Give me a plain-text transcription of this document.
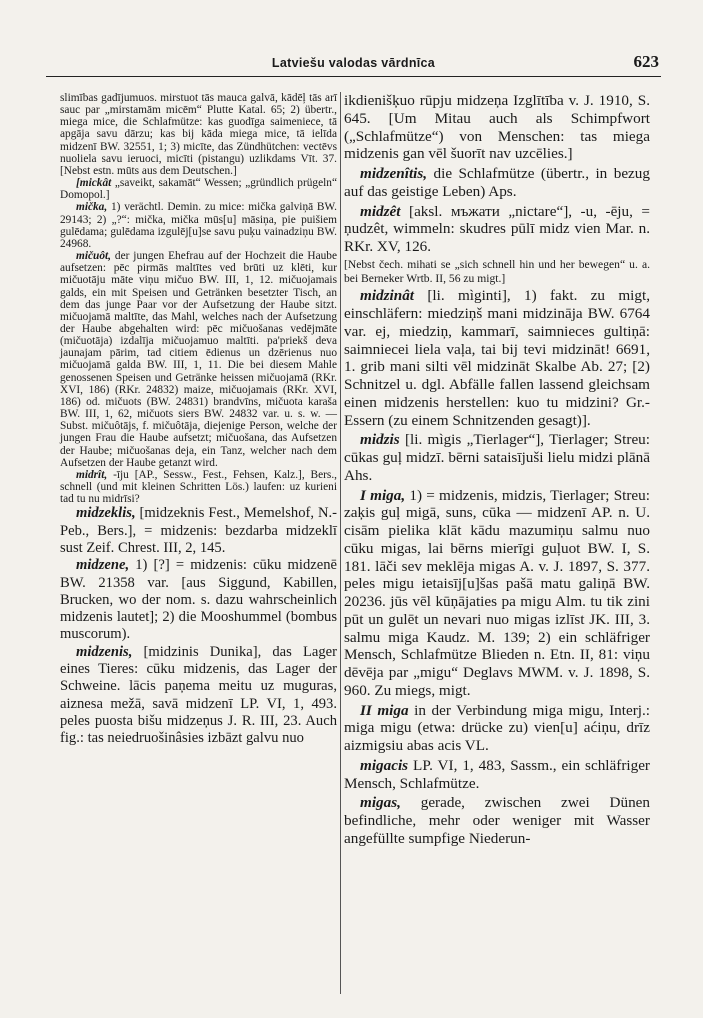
Latviešu valodas vārdnīca	623

slimības gadījumuos. mirstuot tās mauca galvā, kādēļ tās arī sauc par „mirstamām micēm“ Plutte Katal. 65; 2) übertr., miega mice, die Schlafmütze: kas guodīga saimeniece, tā apgāja savu dārzu; kas bij kāda miega mice, tā ielīda midzenī BW. 32551, 1; 3) micīte, das Zündhütchen: vectēvs nuoliela savu ieruoci, micīti (pistangu) uzlikdams Vīt. 37. [Nebst estn. mūts aus dem Deutschen.]

[mickât „saveikt, sakamāt“ Wessen; „gründlich prügeln“ Domopol.]

mička, 1) verächtl. Demin. zu mice: mička galviņā BW. 29143; 2) „?“: mička, mička mūs[u] māsiņa, pie puišiem gulēdama; gulēdama izgulēj[u]se savu puķu vainadziņu BW. 24968.

mičuôt, der jungen Ehefrau auf der Hochzeit die Haube aufsetzen: pēc pirmās maltītes ved brūti uz klēti, kur mičuotāju māte viņu mičuo BW. III, 1, 12. mičuojamais galds, ein mit Speisen und Getränken besetzter Tisch, an dem das junge Paar vor der Aufsetzung der Haube sitzt. mičuojamā maltīte, das Mahl, welches nach der Aufsetzung der Haube abgehalten wird: pēc mičuošanas vedējmāte (mičuotāja) izdalīja mičuojamuo maltīti. pa'priekš deva jaunajam pārim, tad citiem ēdienus un dzērienus nuo mičuojamā galda BW. III, 1, 11. Die bei diesem Mahle genossenen Speisen und Getränke heissen mičuojamā (RKr. XVI, 186) (RKr. 24832) maize, mičuojamais (RKr. XVI, 186) od. mičuots (BW. 24831) brandvīns, mičuota karaša BW. III, 1, 62, mičuots siers BW. 24832 var. u. s. w. — Subst. mičuôtājs, f. mičuôtāja, diejenige Person, welche der jungen Frau die Haube aufsetzt; mičuošana, das Aufsetzen der Haube; mičuošanas deja, ein Tanz, welcher nach dem Aufsetzen der Haube getanzt wird.

midrît, -īju [AP., Sessw., Fest., Fehsen, Kalz.], Bers., schnell (und mit kleinen Schritten Lös.) laufen: uz kurieni tad tu nu midrīsi?

midzeklis, [midzeknis Fest., Memelshof, N.-Peb., Bers.], = midzenis: bezdarba midzeklī sust Zeif. Chrest. III, 2, 145.

midzene, 1) [?] = midzenis: cūku midzenē BW. 21358 var. [aus Siggund, Kabillen, Brucken, wo der nom. s. dazu wahrscheinlich midzenis lautet]; 2) die Mooshummel (bombus muscorum).

midzenis, [midzinis Dunika], das Lager eines Tieres: cūku midzenis, das Lager der Schweine. lācis paņema meitu uz muguras, aiznesa mežā, savā midzenī LP. VI, 1, 493. peles puosta bišu midzeņus J. R. III, 23. Auch fig.: tas neiedruošinâsies izbāzt galvu nuo

ikdienišķuo rūpju midzeņa Izglītība v. J. 1910, S. 645. [Um Mitau auch als Schimpfwort („Schlafmütze“) von Menschen: tas miega midzenis gan vēl šuorīt nav uzcēlies.]

midzenîtis, die Schlafmütze (übertr., in bezug auf das geistige Leben) Aps.

midzêt [aksl. мъжати „nictare“], -u, -ēju, = ņudzêt, wimmeln: skudres pūlī midz vien Mar. n. RKr. XV, 126.

[Nebst čech. mihati se „sich schnell hin und her bewegen“ u. a. bei Berneker Wrtb. II, 56 zu migt.]

midzinât [li. mìginti], 1) fakt. zu migt, einschläfern: miedziņš mani midzināja BW. 6764 var. ej, miedziņ, kammarī, saimnieces gultiņā: saimniecei liela vaļa, tai bij tevi midzināt! 6691, 1. grib mani silti vēl midzināt Skalbe Ab. 27; [2) Schnitzel u. dgl. Abfälle fallen lassend gleichsam einen midzenis herstellen: kuo tu midzini? Gr.-Essern (zu einem Schnitzenden gesagt)].

midzis [li. mìgis „Tierlager“], Tierlager; Streu: cūkas guļ midzī. bērni sataisījuši lielu midzi plānā Ahs.

I miga, 1) = midzenis, midzis, Tierlager; Streu: zaķis guļ migā, suns, cūka — midzenī AP. n. U. cisām pielika klāt kādu mazumiņu salmu nuo cūku migas, lai bērns mierīgi guļuot BW. I, S. 181. lāči sev meklēja migas A. v. J. 1897, S. 377. peles migu ietaisīj[u]šas pašā matu galiņā BW. 20236. jūs vēl kūņājaties pa migu Alm. tu tik zini pūt un gulēt un nevari nuo migas izlīst JK. III, 3. salmu miga Kaudz. M. 139; 2) ein schläfriger Mensch, Schlafmütze Blieden n. Etn. II, 81: viņu dēvēja par „migu“ Deglavs MWM. v. J. 1898, S. 960. Zu miegs, migt.

II miga in der Verbindung miga migu, Interj.: miga migu (etwa: drücke zu) vien[u] aćiņu, drīz aizmigsiu abas acis VL.

migacis LP. VI, 1, 483, Sassm., ein schläfriger Mensch, Schlafmütze.

migas, gerade, zwischen zwei Dünen befindliche, mehr oder weniger mit Wasser angefüllte sumpfige Niederun-
